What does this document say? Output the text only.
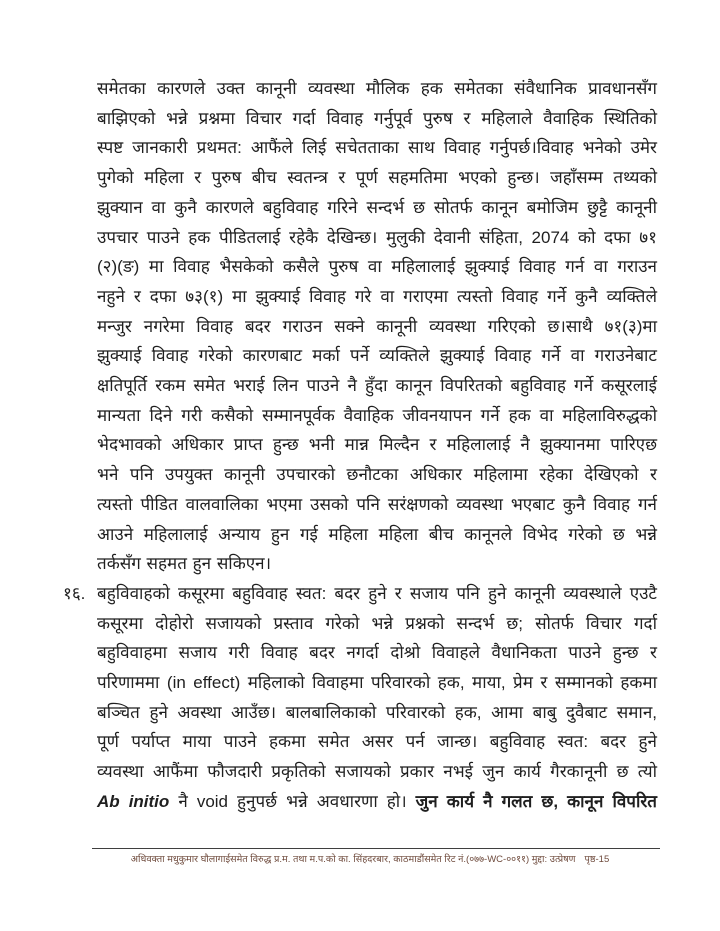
समेतका कारणले उक्त कानूनी व्यवस्था मौलिक हक समेतका संवैधानिक प्रावधानसँग
बाझिएको भन्ने प्रश्नमा विचार गर्दा विवाह गर्नुपूर्व पुरुष र महिलाले वैवाहिक स्थितिको
स्पष्ट जानकारी प्रथमत: आफैंले लिई सचेतताका साथ विवाह गर्नुपर्छ।विवाह भनेको उमेर
पुगेको महिला र पुरुष बीच स्वतन्त्र र पूर्ण सहमतिमा भएको हुन्छ। जहाँसम्म तथ्यको
झुक्यान वा कुनै कारणले बहुविवाह गरिने सन्दर्भ छ सोतर्फ कानून बमोजिम छुट्टै कानूनी
उपचार पाउने हक पीडितलाई रहेकै देखिन्छ। मुलुकी देवानी संहिता, 2074 को दफा ७१
(२)(ङ) मा विवाह भैसकेको कसैले पुरुष वा महिलालाई झुक्याई विवाह गर्न वा गराउन
नहुने र दफा ७३(१) मा झुक्याई विवाह गरे वा गराएमा त्यस्तो विवाह गर्ने कुनै व्यक्तिले
मन्जुर नगरेमा विवाह बदर गराउन सक्ने कानूनी व्यवस्था गरिएको छ।साथै ७१(३)मा
झुक्याई विवाह गरेको कारणबाट मर्का पर्ने व्यक्तिले झुक्याई विवाह गर्ने वा गराउनेबाट
क्षतिपूर्ति रकम समेत भराई लिन पाउने नै हुँदा कानून विपरितको बहुविवाह गर्ने कसूरलाई
मान्यता दिने गरी कसैको सम्मानपूर्वक वैवाहिक जीवनयापन गर्ने हक वा महिलाविरुद्धको
भेदभावको अधिकार प्राप्त हुन्छ भनी मान्न मिल्दैन र महिलालाई नै झुक्यानमा पारिएछ
भने पनि उपयुक्त कानूनी उपचारको छनौटका अधिकार महिलामा रहेका देखिएको र
त्यस्तो पीडित वालवालिका भएमा उसको पनि सरंक्षणको व्यवस्था भएबाट कुनै विवाह गर्न
आउने महिलालाई अन्याय हुन गई महिला महिला बीच कानूनले विभेद गरेको छ भन्ने
तर्कसँग सहमत हुन सकिएन।
१६. बहुविवाहको कसूरमा बहुविवाह स्वत: बदर हुने र सजाय पनि हुने कानूनी व्यवस्थाले एउटै
कसूरमा दोहोरो सजायको प्रस्ताव गरेको भन्ने प्रश्नको सन्दर्भ छ; सोतर्फ विचार गर्दा
बहुविवाहमा सजाय गरी विवाह बदर नगर्दा दोश्रो विवाहले वैधानिकता पाउने हुन्छ र
परिणाममा (in effect) महिलाको विवाहमा परिवारको हक, माया, प्रेम र सम्मानको हकमा
बञ्चित हुने अवस्था आउँछ। बालबालिकाको परिवारको हक, आमा बाबु दुवैबाट समान,
पूर्ण पर्याप्त माया पाउने हकमा समेत असर पर्न जान्छ। बहुविवाह स्वत: बदर हुने
व्यवस्था आफैंमा फौजदारी प्रकृतिको सजायको प्रकार नभई जुन कार्य गैरकानूनी छ त्यो
Ab initio नै void हुनुपर्छ भन्ने अवधारणा हो। जुन कार्य नै गलत छ, कानून विपरित
अधिवक्ता मधुकुमार घौलागाईसमेत विरुद्ध प्र.म. तथा म.प.को का. सिंहदरबार, काठमाडौंसमेत रिट नं.(०७७-WC-००११) मुद्दा: उत्प्रेषण पृष्ठ-15
